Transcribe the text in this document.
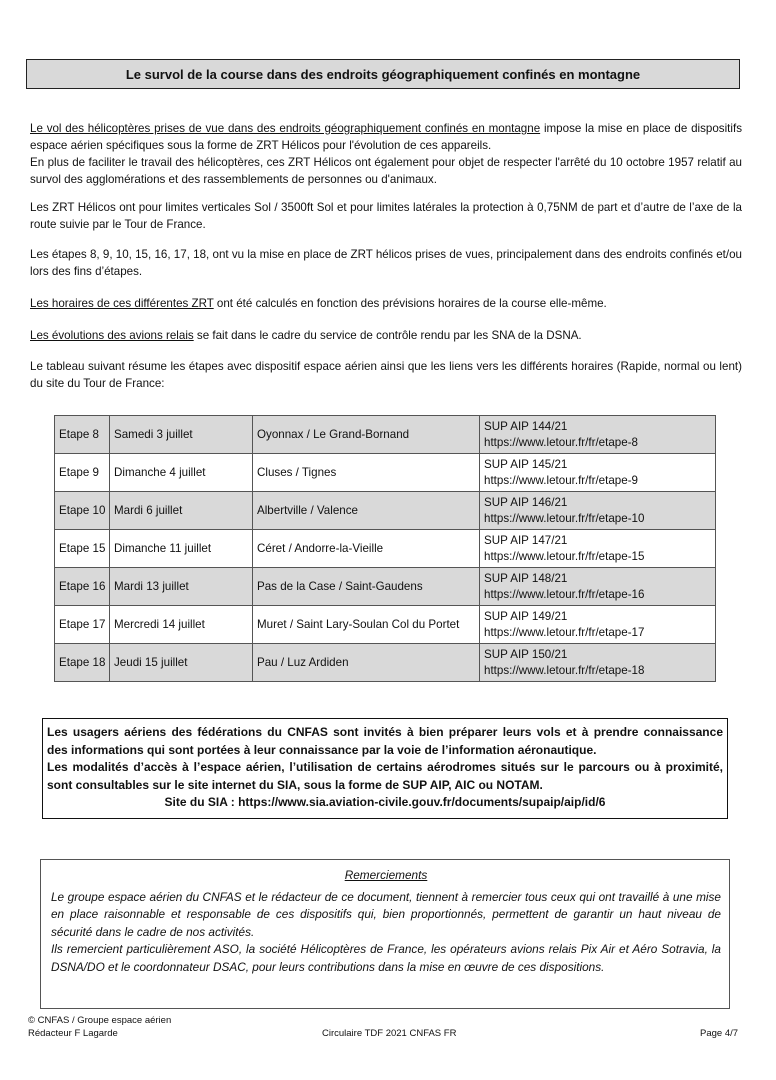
Le survol de la course dans des endroits géographiquement confinés en montagne
Le vol des hélicoptères prises de vue dans des endroits géographiquement confinés en montagne impose la mise en place de dispositifs espace aérien spécifiques sous la forme de ZRT Hélicos pour l'évolution de ces appareils.
En plus de faciliter le travail des hélicoptères, ces ZRT Hélicos ont également pour objet de respecter l'arrêté du 10 octobre 1957 relatif au survol des agglomérations et des rassemblements de personnes ou d'animaux.
Les ZRT Hélicos ont pour limites verticales Sol / 3500ft Sol et pour limites latérales la protection à 0,75NM de part et d’autre de l’axe de la route suivie par le Tour de France.
Les étapes 8, 9, 10, 15, 16, 17, 18, ont vu la mise en place de ZRT hélicos prises de vues, principalement dans des endroits confinés et/ou lors des fins d’étapes.
Les horaires de ces différentes ZRT ont été calculés en fonction des prévisions horaires de la course elle-même.
Les évolutions des avions relais se fait dans le cadre du service de contrôle rendu par les SNA de la DSNA.
Le tableau suivant résume les étapes avec dispositif espace aérien ainsi que les liens vers les différents horaires (Rapide, normal ou lent) du site du Tour de France:
Etape 8	Samedi 3 juillet	Oyonnax / Le Grand-Bornand	SUP AIP 144/21
https://www.letour.fr/fr/etape-8

Etape 9	Dimanche 4 juillet	Cluses / Tignes	SUP AIP 145/21
https://www.letour.fr/fr/etape-9

Etape 10	Mardi 6 juillet	Albertville / Valence	SUP AIP 146/21
https://www.letour.fr/fr/etape-10

Etape 15	Dimanche 11 juillet	Céret / Andorre-la-Vieille	SUP AIP 147/21
https://www.letour.fr/fr/etape-15

Etape 16	Mardi 13 juillet	Pas de la Case / Saint-Gaudens	SUP AIP 148/21
https://www.letour.fr/fr/etape-16

Etape 17	Mercredi 14 juillet	Muret / Saint Lary-Soulan Col du Portet	SUP AIP 149/21
https://www.letour.fr/fr/etape-17

Etape 18	Jeudi 15 juillet	Pau / Luz Ardiden	SUP AIP 150/21
https://www.letour.fr/fr/etape-18
Les usagers aériens des fédérations du CNFAS sont invités à bien préparer leurs vols et à prendre connaissance
des informations qui sont portées à leur connaissance par la voie de l’information aéronautique.
Les modalités d’accès à l’espace aérien, l’utilisation de certains aérodromes situés sur le parcours ou à proximité,
sont consultables sur le site internet du SIA, sous la forme de SUP AIP, AIC ou NOTAM.
Site du SIA : https://www.sia.aviation-civile.gouv.fr/documents/supaip/aip/id/6
Remerciements
Le groupe espace aérien du CNFAS et le rédacteur de ce document, tiennent à remercier tous ceux qui ont travaillé à une mise en place raisonnable et responsable de ces dispositifs qui, bien proportionnés, permettent de garantir un haut niveau de sécurité dans le cadre de nos activités.
Ils remercient particulièrement ASO, la société Hélicoptères de France, les opérateurs avions relais Pix Air et Aéro Sotravia, la DSNA/DO et le coordonnateur DSAC, pour leurs contributions dans la mise en œuvre de ces dispositions.
© CNFAS / Groupe espace aérien
Rédacteur F Lagarde	Circulaire TDF 2021 CNFAS FR	Page 4/7
